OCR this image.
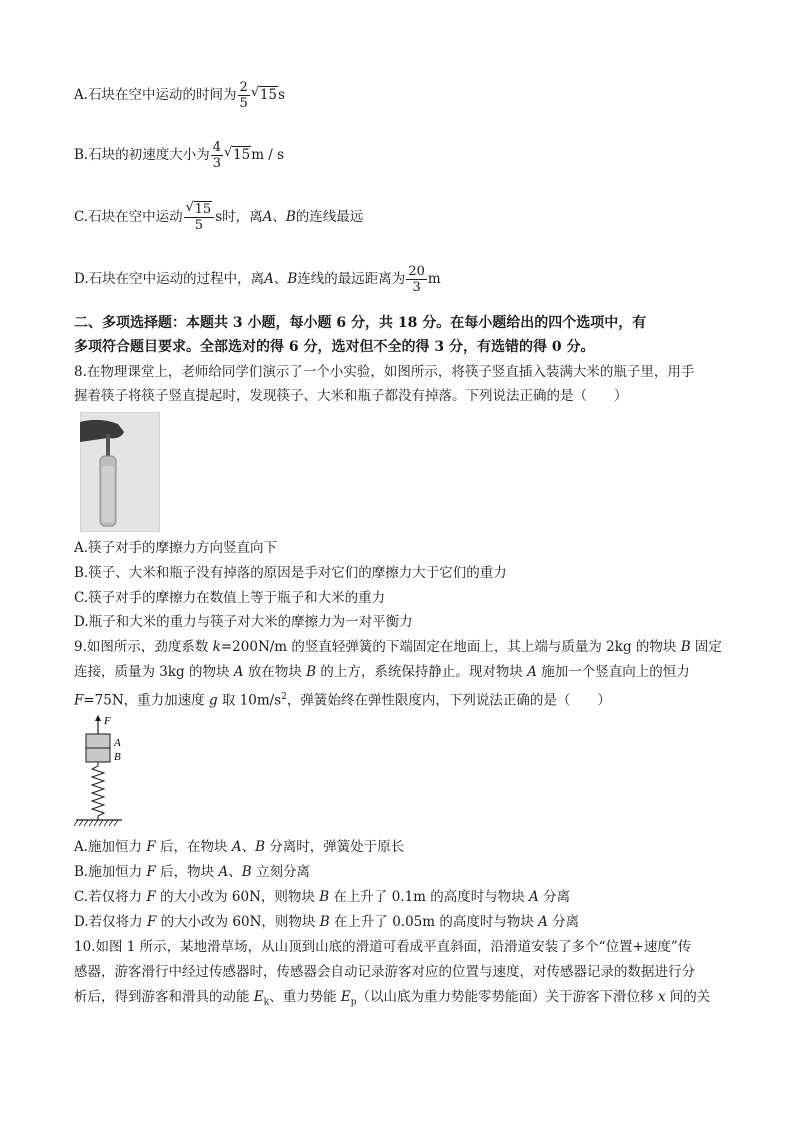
A.石块在空中运动的时间为 $\frac{2}{5}$ √ 15s
B.石块的初速度大小为 $\frac{4}{3}$ √ 15m / s
C.石块在空中运动 $\frac{√ 15}{5}$ s时，离A、B的连线最远
D.石块在空中运动的过程中，离A、B连线的最远距离为 $\frac{20}{3}$ m
二、多项选择题：本题共 3 小题，每小题 6 分，共 18 分。在每小题给出的四个选项中，有
多项符合题目要求。全部选对的得 6 分，选对但不全的得 3 分，有选错的得 0 分。
8.在物理课堂上，老师给同学们演示了一个小实验，如图所示，将筷子竖直插入装满大米的瓶子里，用手
握着筷子将筷子竖直提起时，发现筷子、大米和瓶子都没有掉落。下列说法正确的是（　　）
A.筷子对手的摩擦力方向竖直向下
B.筷子、大米和瓶子没有掉落的原因是手对它们的摩擦力大于它们的重力
C.筷子对手的摩擦力在数值上等于瓶子和大米的重力
D.瓶子和大米的重力与筷子对大米的摩擦力为一对平衡力
9.如图所示，劲度系数 k=200N/m 的竖直轻弹簧的下端固定在地面上，其上端与质量为 2kg 的物块 B 固定
连接，质量为 3kg 的物块 A 放在物块 B 的上方，系统保持静止。现对物块 A 施加一个竖直向上的恒力
F=75N，重力加速度 g 取 $10m/s^2$，弹簧始终在弹性限度内，下列说法正确的是（　　）
F
A
B
A.施加恒力 F 后，在物块 A、B 分离时，弹簧处于原长
B.施加恒力 F 后，物块 A、B 立刻分离
C.若仅将力 F 的大小改为 60N，则物块 B 在上升了 0.1m 的高度时与物块 A 分离
D.若仅将力 F 的大小改为 60N，则物块 B 在上升了 0.05m 的高度时与物块 A 分离
10.如图 1 所示，某地滑草场，从山顶到山底的滑道可看成平直斜面，沿滑道安装了多个“位置+速度”传
感器，游客滑行中经过传感器时，传感器会自动记录游客对应的位置与速度，对传感器记录的数据进行分
析后，得到游客和滑具的动能 $E_k$、重力势能 $E_p$（以山底为重力势能零势能面）关于游客下滑位移 x 间的关
